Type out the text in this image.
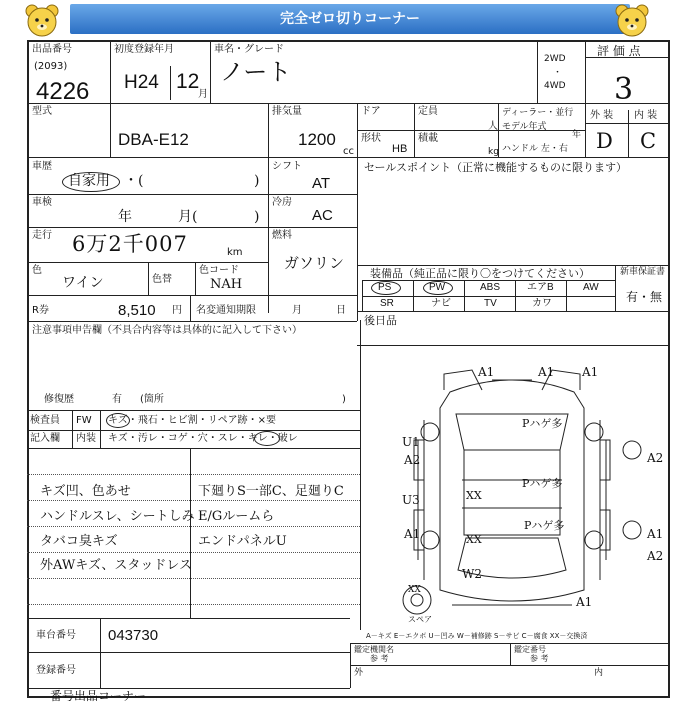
完全ゼロ切りコーナー
出品番号
(2093)
4226
初度登録年月
H24 12
月
車名・グレード
ノート	2WD
・
4WD
評 価 点
3
型式
DBA-E12
排気量
1200
cc
ドア	定員
人
ディーラー・並行
モデル年式
年
形状
HB
積載
kg ハンドル 左・右
外 装 内 装
D C
車歴
自家用 ・(	)
車検
年	月(	)
走行 6万2千007	km
色
ワイン	色替
色コード
NAH
R券	8,510 円 名変通知期限	月	日
シフト
AT
冷房
AC
燃料
ガソリン
セールスポイント（正常に機能するものに限ります）
装備品（純正品に限り〇をつけてください）
PS	PW	ABS	エアB	AW
SR	ナビ	TV	カワ
新車保証書
有・無
後日品
注意事項申告欄（不具合内容等は具体的に記入して下さい）
修復歴	有 (箇所	)
検査員
記入欄
FW
内装
キズ・飛石・ヒビ割・リペア跡・×要
キズ・汚レ・コゲ・穴・スレ・キレ・破レ
キズ凹、色あせ
ハンドルスレ、シートしみ
タバコ臭キズ
外AWキズ、スタッドレス
下廻りS一部C、足廻りC
E/Gルームら
エンドパネルU
A1	A1 A1
U1
A2	A2
U3	XX
XX
A1	A1
A2
W2
A1
Pハゲ多
Pハゲ多
Pハゲ多
XX
スペア
A－キズ E－エクボ U－凹み W－補修跡 S－サビ C－腐食 XX－交換済
車台番号 043730
登録番号
鑑定機関名
参 考
鑑定番号
参 考
外	内
番号出品コーナー
